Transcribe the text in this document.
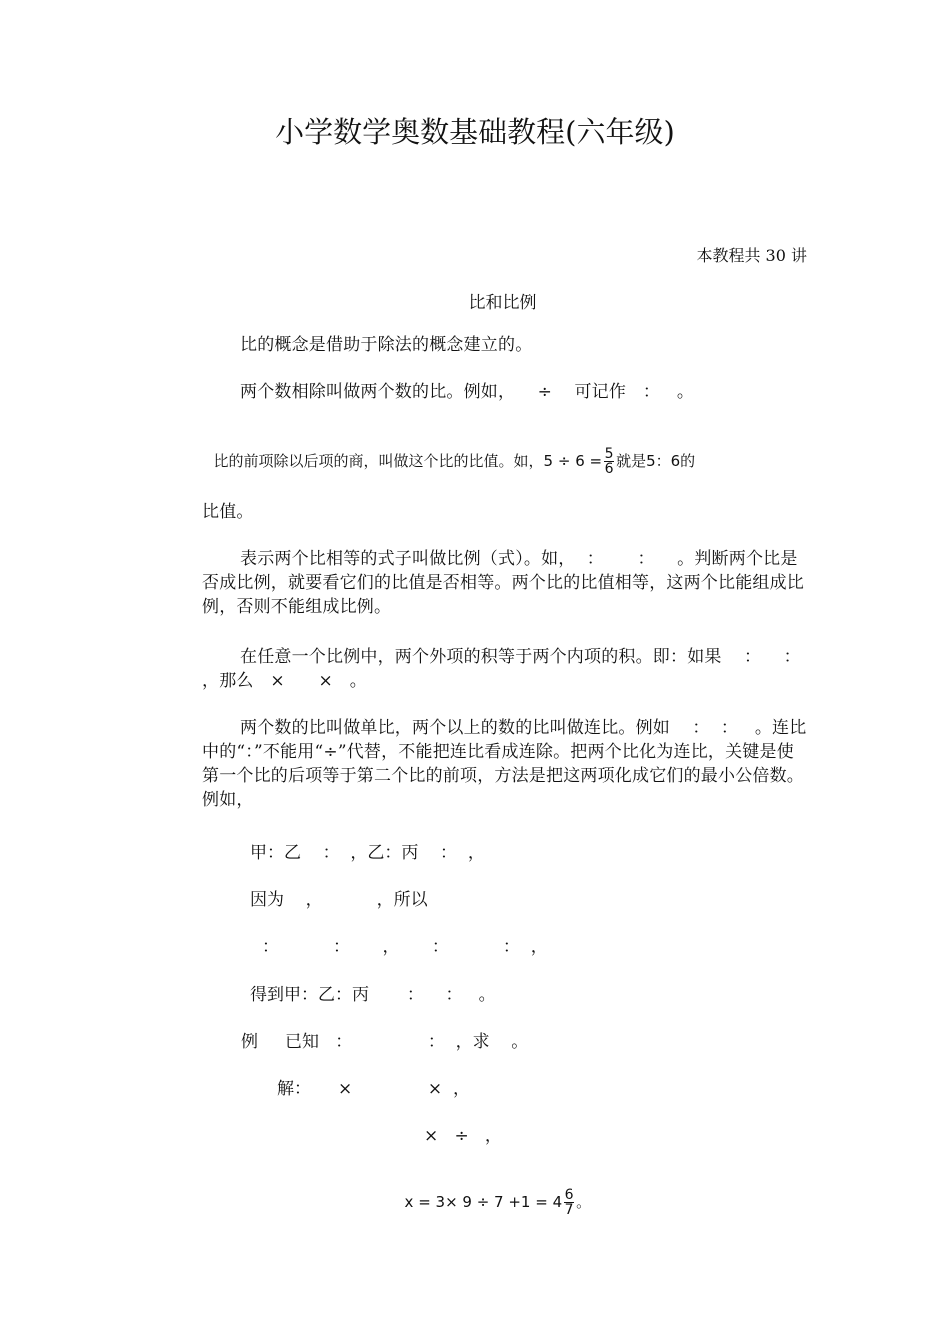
小学数学奥数基础教程(六年级)
本教程共 30 讲
比和比例
比的概念是借助于除法的概念建立的。
两个数相除叫做两个数的比。例如，    ÷    可记作   ：   。

比的前项除以后项的商，叫做这个比的比值。如，$5 \div 6 = \frac{5}{6}$ 就是5：6的

比值。
表示两个比相等的式子叫做比例（式）。如，  ：      ：    。判断两个比是否成比例，就要看它们的比值是否相等。两个比的比值相等，这两个比能组成比例，否则不能组成比例。
在任意一个比例中，两个外项的积等于两个内项的积。即：如果    ：    ：  ，那么   ×      ×   。
两个数的比叫做单比，两个以上的数的比叫做连比。例如    ：  ：   。连比中的“：”不能用“÷”代替，不能把连比看成连除。把两个比化为连比，关键是使第一个比的后项等于第二个比的前项，方法是把这两项化成它们的最小公倍数。例如，
甲：乙    ：  ，乙：丙    ：  ，
因为    ，          ，所以
：          ：      ，      ：          ：  ，
得到甲：乙：丙       ：    ：   。
例 已知   ：              ：  ，求    。
解：     ×              ×  ，
×   ÷   ，

$x = 3\times 9 \div 7 +1 = 4 \frac{6}{7}$ 。
